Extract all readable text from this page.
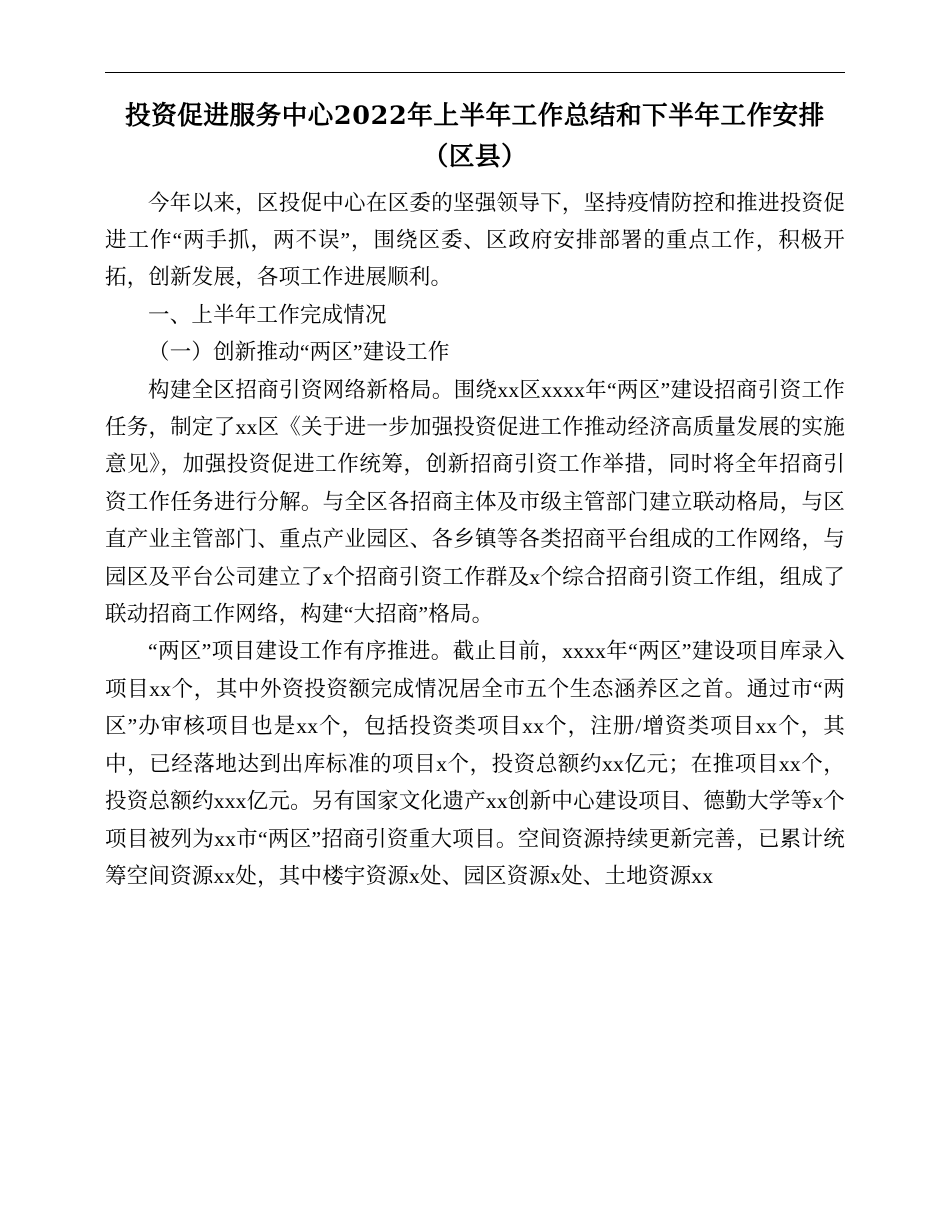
投资促进服务中心2022年上半年工作总结和下半年工作安排
（区县）

今年以来，区投促中心在区委的坚强领导下，坚持疫情防控和推进投资促进工作“两手抓，两不误”，围绕区委、区政府安排部署的重点工作，积极开拓，创新发展，各项工作进展顺利。

一、上半年工作完成情况

（一）创新推动“两区”建设工作

构建全区招商引资网络新格局。围绕xx区xxxx年“两区”建设招商引资工作任务，制定了xx区《关于进一步加强投资促进工作推动经济高质量发展的实施意见》，加强投资促进工作统筹，创新招商引资工作举措，同时将全年招商引资工作任务进行分解。与全区各招商主体及市级主管部门建立联动格局，与区直产业主管部门、重点产业园区、各乡镇等各类招商平台组成的工作网络，与园区及平台公司建立了x个招商引资工作群及x个综合招商引资工作组，组成了联动招商工作网络，构建“大招商”格局。

“两区”项目建设工作有序推进。截止目前，xxxx年“两区”建设项目库录入项目xx个，其中外资投资额完成情况居全市五个生态涵养区之首。通过市“两区”办审核项目也是xx个，包括投资类项目xx个，注册/增资类项目xx个，其中，已经落地达到出库标准的项目x个，投资总额约xx亿元；在推项目xx个，投资总额约xxx亿元。另有国家文化遗产xx创新中心建设项目、德勤大学等x个项目被列为xx市“两区”招商引资重大项目。空间资源持续更新完善，已累计统筹空间资源xx处，其中楼宇资源x处、园区资源x处、土地资源xx
